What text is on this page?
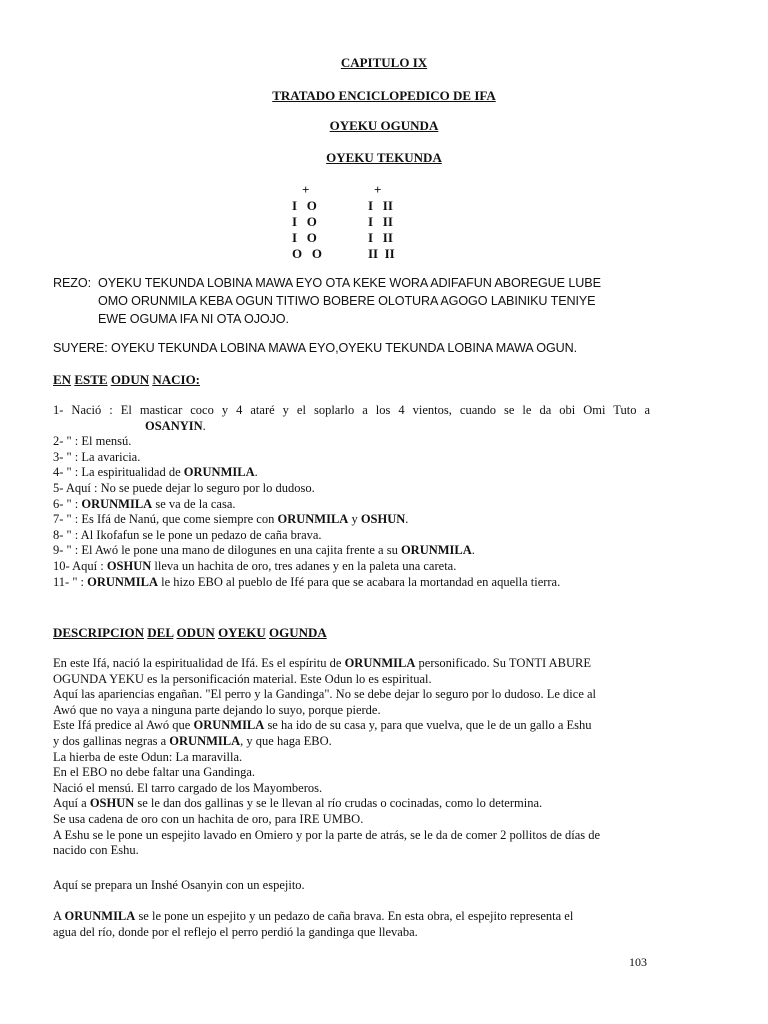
CAPITULO IX
TRATADO ENCICLOPEDICO DE IFA
OYEKU OGUNDA
OYEKU TEKUNDA
+
I   O
I   O
I   O
O   O
+
I   II
I   II
I   II
II  II
REZO: OYEKU TEKUNDA LOBINA MAWA EYO OTA KEKE WORA ADIFAFUN ABOREGUE LUBE
OMO ORUNMILA KEBA OGUN TITIWO BOBERE OLOTURA AGOGO LABINIKU TENIYE
EWE OGUMA IFA NI OTA OJOJO.
SUYERE: OYEKU TEKUNDA LOBINA MAWA EYO,OYEKU TEKUNDA LOBINA MAWA OGUN.
EN ESTE ODUN NACIO:
1- Nació : El masticar coco y 4 ataré y el soplarlo a los 4 vientos, cuando se le da obi Omi Tuto a
OSANYIN.
2- " : El mensú.
3- " : La avaricia.
4- " : La espiritualidad de ORUNMILA.
5- Aquí : No se puede dejar lo seguro por lo dudoso.
6- " : ORUNMILA se va de la casa.
7- " : Es Ifá de Nanú, que come siempre con ORUNMILA y OSHUN.
8- " : Al Ikofafun se le pone un pedazo de caña brava.
9- " : El Awó le pone una mano de dilogunes en una cajita frente a su ORUNMILA.
10- Aquí : OSHUN lleva un hachita de oro, tres adanes y en la paleta una careta.
11- " : ORUNMILA le hizo EBO al pueblo de Ifé para que se acabara la mortandad en aquella tierra.
DESCRIPCION DEL ODUN OYEKU OGUNDA
En este Ifá, nació la espiritualidad de Ifá. Es el espíritu de ORUNMILA personificado. Su TONTI ABURE
OGUNDA YEKU es la personificación material. Este Odun lo es espiritual.
Aquí las apariencias engañan. "El perro y la Gandinga". No se debe dejar lo seguro por lo dudoso. Le dice al
Awó que no vaya a ninguna parte dejando lo suyo, porque pierde.
Este Ifá predice al Awó que ORUNMILA se ha ido de su casa y, para que vuelva, que le de un gallo a Eshu
y dos gallinas negras a ORUNMILA, y que haga EBO.
La hierba de este Odun: La maravilla.
En el EBO no debe faltar una Gandinga.
Nació el mensú. El tarro cargado de los Mayomberos.
Aquí a OSHUN se le dan dos gallinas y se le llevan al río crudas o cocinadas, como lo determina.
Se usa cadena de oro con un hachita de oro, para IRE UMBO.
A Eshu se le pone un espejito lavado en Omiero y por la parte de atrás, se le da de comer 2 pollitos de días de
nacido con Eshu.
Aquí se prepara un Inshé Osanyin con un espejito.
A ORUNMILA se le pone un espejito y un pedazo de caña brava. En esta obra, el espejito representa el
agua del río, donde por el reflejo el perro perdió la gandinga que llevaba.
103
